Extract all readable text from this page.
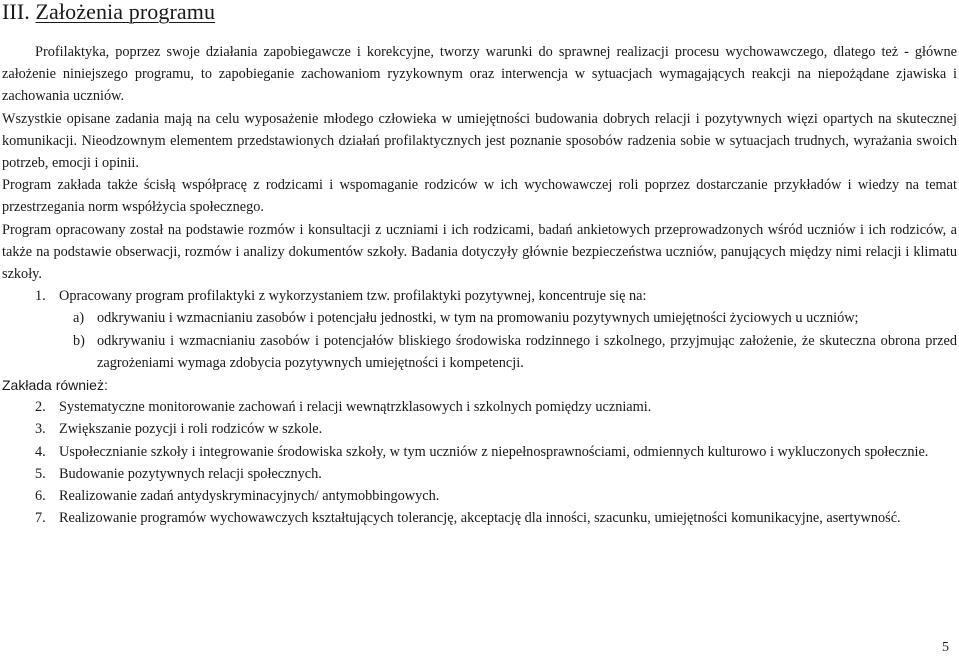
III. Założenia programu

Profilaktyka, poprzez swoje działania zapobiegawcze i korekcyjne, tworzy warunki do sprawnej realizacji procesu wychowawczego, dlatego też - główne założenie niniejszego programu, to zapobieganie zachowaniom ryzykownym oraz interwencja w sytuacjach wymagających reakcji na niepożądane zjawiska i zachowania uczniów.

Wszystkie opisane zadania mają na celu wyposażenie młodego człowieka w umiejętności budowania dobrych relacji i pozytywnych więzi opartych na skutecznej komunikacji. Nieodzownym elementem przedstawionych działań profilaktycznych jest poznanie sposobów radzenia sobie w sytuacjach trudnych, wyrażania swoich potrzeb, emocji i opinii.

Program zakłada także ścisłą współpracę z rodzicami i wspomaganie rodziców w ich wychowawczej roli poprzez dostarczanie przykładów i wiedzy na temat przestrzegania norm współżycia społecznego.

Program opracowany został na podstawie rozmów i konsultacji z uczniami i ich rodzicami, badań ankietowych przeprowadzonych wśród uczniów i ich rodziców, a także na podstawie obserwacji, rozmów i analizy dokumentów szkoły. Badania dotyczyły głównie bezpieczeństwa uczniów, panujących między nimi relacji i klimatu szkoły.

1. Opracowany program profilaktyki z wykorzystaniem tzw. profilaktyki pozytywnej, koncentruje się na:
a) odkrywaniu i wzmacnianiu zasobów i potencjału jednostki, w tym na promowaniu pozytywnych umiejętności życiowych u uczniów;
b) odkrywaniu i wzmacnianiu zasobów i potencjałów bliskiego środowiska rodzinnego i szkolnego, przyjmując założenie, że skuteczna obrona przed zagrożeniami wymaga zdobycia pozytywnych umiejętności i kompetencji.

Zakłada również:

2. Systematyczne monitorowanie zachowań i relacji wewnątrzklasowych i szkolnych pomiędzy uczniami.
3. Zwiększanie pozycji i roli rodziców w szkole.
4. Uspołecznianie szkoły i integrowanie środowiska szkoły, w tym uczniów z niepełnosprawnościami, odmiennych kulturowo i wykluczonych społecznie.
5. Budowanie pozytywnych relacji społecznych.
6. Realizowanie zadań antydyskryminacyjnych/ antymobbingowych.
7. Realizowanie programów wychowawczych kształtujących tolerancję, akceptację dla inności, szacunku, umiejętności komunikacyjne, asertywność.
5
